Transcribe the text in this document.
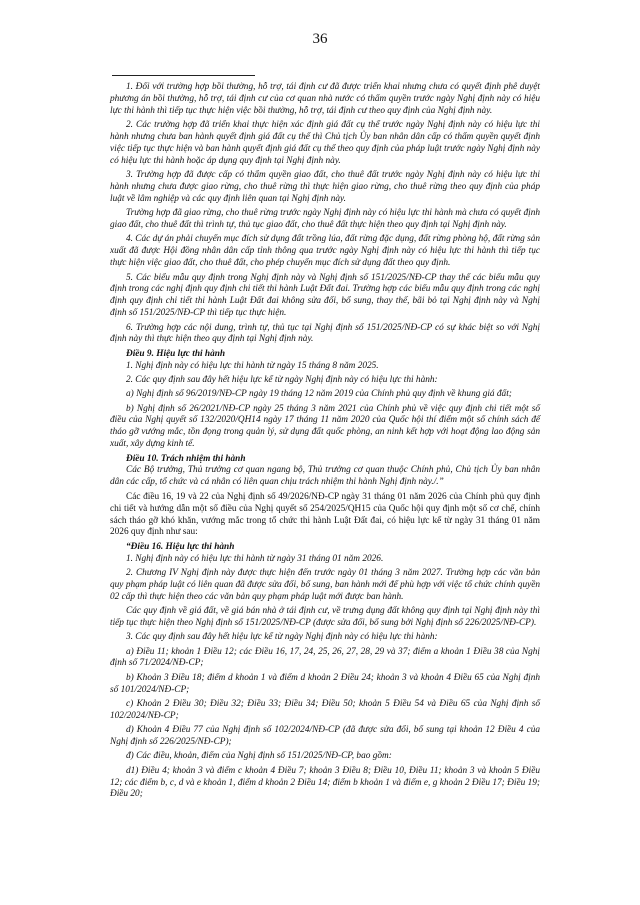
36

1. Đối với trường hợp bồi thường, hỗ trợ, tái định cư đã được triển khai nhưng chưa có quyết định phê duyệt phương án bồi thường, hỗ trợ, tái định cư của cơ quan nhà nước có thẩm quyền trước ngày Nghị định này có hiệu lực thi hành thì tiếp tục thực hiện việc bồi thường, hỗ trợ, tái định cư theo quy định của Nghị định này.

2. Các trường hợp đã triển khai thực hiện xác định giá đất cụ thể trước ngày Nghị định này có hiệu lực thi hành nhưng chưa ban hành quyết định giá đất cụ thể thì Chủ tịch Ủy ban nhân dân cấp có thẩm quyền quyết định việc tiếp tục thực hiện và ban hành quyết định giá đất cụ thể theo quy định của pháp luật trước ngày Nghị định này có hiệu lực thi hành hoặc áp dụng quy định tại Nghị định này.

3. Trường hợp đã được cấp có thẩm quyền giao đất, cho thuê đất trước ngày Nghị định này có hiệu lực thi hành nhưng chưa được giao rừng, cho thuê rừng thì thực hiện giao rừng, cho thuê rừng theo quy định của pháp luật về lâm nghiệp và các quy định liên quan tại Nghị định này.

Trường hợp đã giao rừng, cho thuê rừng trước ngày Nghị định này có hiệu lực thi hành mà chưa có quyết định giao đất, cho thuê đất thì trình tự, thủ tục giao đất, cho thuê đất thực hiện theo quy định tại Nghị định này.

4. Các dự án phải chuyển mục đích sử dụng đất trồng lúa, đất rừng đặc dụng, đất rừng phòng hộ, đất rừng sản xuất đã được Hội đồng nhân dân cấp tỉnh thông qua trước ngày Nghị định này có hiệu lực thi hành thì tiếp tục thực hiện việc giao đất, cho thuê đất, cho phép chuyển mục đích sử dụng đất theo quy định.

5. Các biểu mẫu quy định trong Nghị định này và Nghị định số 151/2025/NĐ-CP thay thế các biểu mẫu quy định trong các nghị định quy định chi tiết thi hành Luật Đất đai. Trường hợp các biểu mẫu quy định trong các nghị định quy định chi tiết thi hành Luật Đất đai không sửa đổi, bổ sung, thay thế, bãi bỏ tại Nghị định này và Nghị định số 151/2025/NĐ-CP thì tiếp tục thực hiện.

6. Trường hợp các nội dung, trình tự, thủ tục tại Nghị định số 151/2025/NĐ-CP có sự khác biệt so với Nghị định này thì thực hiện theo quy định tại Nghị định này.

Điều 9. Hiệu lực thi hành

1. Nghị định này có hiệu lực thi hành từ ngày 15 tháng 8 năm 2025.

2. Các quy định sau đây hết hiệu lực kể từ ngày Nghị định này có hiệu lực thi hành:

a) Nghị định số 96/2019/NĐ-CP ngày 19 tháng 12 năm 2019 của Chính phủ quy định về khung giá đất;

b) Nghị định số 26/2021/NĐ-CP ngày 25 tháng 3 năm 2021 của Chính phủ về việc quy định chi tiết một số điều của Nghị quyết số 132/2020/QH14 ngày 17 tháng 11 năm 2020 của Quốc hội thí điểm một số chính sách để tháo gỡ vướng mắc, tồn đọng trong quản lý, sử dụng đất quốc phòng, an ninh kết hợp với hoạt động lao động sản xuất, xây dựng kinh tế.

Điều 10. Trách nhiệm thi hành

Các Bộ trưởng, Thủ trưởng cơ quan ngang bộ, Thủ trưởng cơ quan thuộc Chính phủ, Chủ tịch Ủy ban nhân dân các cấp, tổ chức và cá nhân có liên quan chịu trách nhiệm thi hành Nghị định này./.”

Các điều 16, 19 và 22 của Nghị định số 49/2026/NĐ-CP ngày 31 tháng 01 năm 2026 của Chính phủ quy định chi tiết và hướng dẫn một số điều của Nghị quyết số 254/2025/QH15 của Quốc hội quy định một số cơ chế, chính sách tháo gỡ khó khăn, vướng mắc trong tổ chức thi hành Luật Đất đai, có hiệu lực kể từ ngày 31 tháng 01 năm 2026 quy định như sau:

“Điều 16. Hiệu lực thi hành

1. Nghị định này có hiệu lực thi hành từ ngày 31 tháng 01 năm 2026.

2. Chương IV Nghị định này được thực hiện đến trước ngày 01 tháng 3 năm 2027. Trường hợp các văn bản quy phạm pháp luật có liên quan đã được sửa đổi, bổ sung, ban hành mới để phù hợp với việc tổ chức chính quyền 02 cấp thì thực hiện theo các văn bản quy phạm pháp luật mới được ban hành.

Các quy định về giá đất, về giá bán nhà ở tái định cư, về trưng dụng đất không quy định tại Nghị định này thì tiếp tục thực hiện theo Nghị định số 151/2025/NĐ-CP (được sửa đổi, bổ sung bởi Nghị định số 226/2025/NĐ-CP).

3. Các quy định sau đây hết hiệu lực kể từ ngày Nghị định này có hiệu lực thi hành:

a) Điều 11; khoản 1 Điều 12; các Điều 16, 17, 24, 25, 26, 27, 28, 29 và 37; điểm a khoản 1 Điều 38 của Nghị định số 71/2024/NĐ-CP;

b) Khoản 3 Điều 18; điểm d khoản 1 và điểm d khoản 2 Điều 24; khoản 3 và khoản 4 Điều 65 của Nghị định số 101/2024/NĐ-CP;

c) Khoản 2 Điều 30; Điều 32; Điều 33; Điều 34; Điều 50; khoản 5 Điều 54 và Điều 65 của Nghị định số 102/2024/NĐ-CP;

d) Khoản 4 Điều 77 của Nghị định số 102/2024/NĐ-CP (đã được sửa đổi, bổ sung tại khoản 12 Điều 4 của Nghị định số 226/2025/NĐ-CP);

đ) Các điều, khoản, điểm của Nghị định số 151/2025/NĐ-CP, bao gồm:

d1) Điều 4; khoản 3 và điểm c khoản 4 Điều 7; khoản 3 Điều 8; Điều 10, Điều 11; khoản 3 và khoản 5 Điều 12; các điểm b, c, d và e khoản 1, điểm d khoản 2 Điều 14; điểm b khoản 1 và điểm e, g khoản 2 Điều 17; Điều 19; Điều 20;
